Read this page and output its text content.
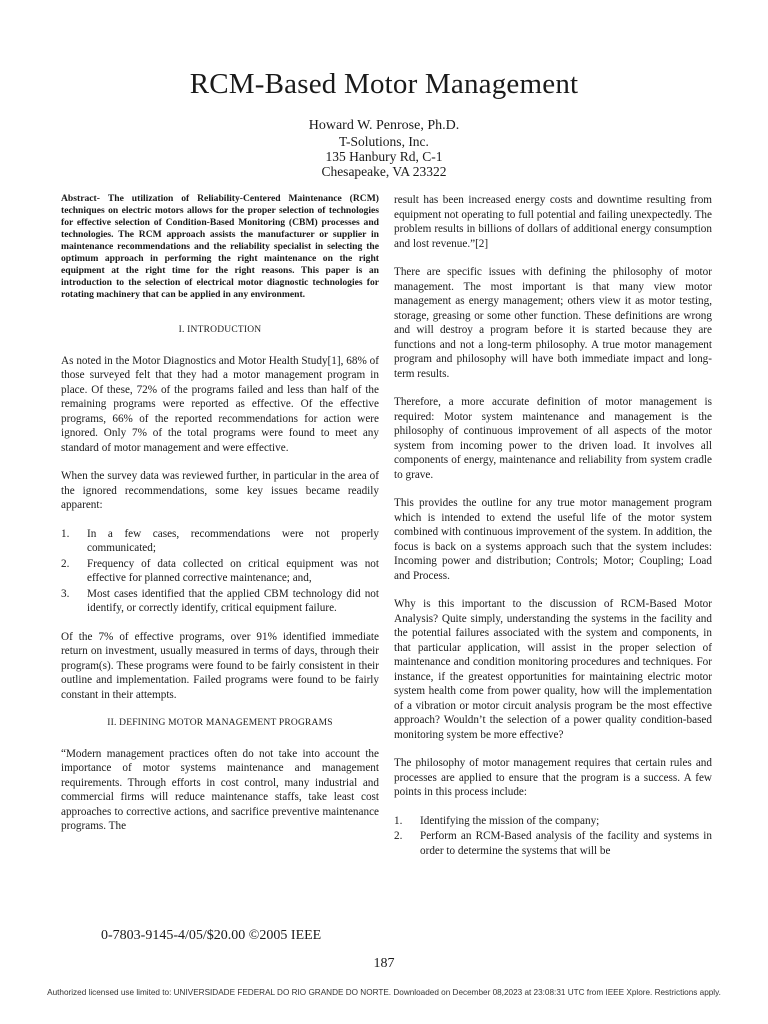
RCM-Based Motor Management
Howard W. Penrose, Ph.D.
T-Solutions, Inc.
135 Hanbury Rd, C-1
Chesapeake, VA 23322
Abstract- The utilization of Reliability-Centered Maintenance (RCM) techniques on electric motors allows for the proper selection of technologies for effective selection of Condition-Based Monitoring (CBM) processes and technologies. The RCM approach assists the manufacturer or supplier in maintenance recommendations and the reliability specialist in selecting the optimum approach in performing the right maintenance on the right equipment at the right time for the right reasons. This paper is an introduction to the selection of electrical motor diagnostic technologies for rotating machinery that can be applied in any environment.
I. INTRODUCTION

As noted in the Motor Diagnostics and Motor Health Study[1], 68% of those surveyed felt that they had a motor management program in place. Of these, 72% of the programs failed and less than half of the remaining programs were reported as effective. Of the effective programs, 66% of the reported recommendations for action were ignored. Only 7% of the total programs were found to meet any standard of motor management and were effective.

When the survey data was reviewed further, in particular in the area of the ignored recommendations, some key issues became readily apparent:

1. In a few cases, recommendations were not properly communicated;
2. Frequency of data collected on critical equipment was not effective for planned corrective maintenance; and,
3. Most cases identified that the applied CBM technology did not identify, or correctly identify, critical equipment failure.

Of the 7% of effective programs, over 91% identified immediate return on investment, usually measured in terms of days, through their program(s). These programs were found to be fairly consistent in their outline and implementation. Failed programs were found to be fairly constant in their attempts.

II. DEFINING MOTOR MANAGEMENT PROGRAMS

“Modern management practices often do not take into account the importance of motor systems maintenance and management requirements. Through efforts in cost control, many industrial and commercial firms will reduce maintenance staffs, take least cost approaches to corrective actions, and sacrifice preventive maintenance programs. The

result has been increased energy costs and downtime resulting from equipment not operating to full potential and failing unexpectedly. The problem results in billions of dollars of additional energy consumption and lost revenue.”[2]

There are specific issues with defining the philosophy of motor management. The most important is that many view motor management as energy management; others view it as motor testing, storage, greasing or some other function. These definitions are wrong and will destroy a program before it is started because they are functions and not a long-term philosophy. A true motor management program and philosophy will have both immediate impact and long-term results.

Therefore, a more accurate definition of motor management is required: Motor system maintenance and management is the philosophy of continuous improvement of all aspects of the motor system from incoming power to the driven load. It involves all components of energy, maintenance and reliability from system cradle to grave.

This provides the outline for any true motor management program which is intended to extend the useful life of the motor system combined with continuous improvement of the system. In addition, the focus is back on a systems approach such that the system includes: Incoming power and distribution; Controls; Motor; Coupling; Load and Process.

Why is this important to the discussion of RCM-Based Motor Analysis? Quite simply, understanding the systems in the facility and the potential failures associated with the system and components, in that particular application, will assist in the proper selection of maintenance and condition monitoring procedures and techniques. For instance, if the greatest opportunities for maintaining electric motor system health come from power quality, how will the implementation of a vibration or motor circuit analysis program be the most effective approach? Wouldn’t the selection of a power quality condition-based monitoring system be more effective?

The philosophy of motor management requires that certain rules and processes are applied to ensure that the program is a success. A few points in this process include:

1. Identifying the mission of the company;
2. Perform an RCM-Based analysis of the facility and systems in order to determine the systems that will be
0-7803-9145-4/05/$20.00 ©2005 IEEE
187
Authorized licensed use limited to: UNIVERSIDADE FEDERAL DO RIO GRANDE DO NORTE. Downloaded on December 08,2023 at 23:08:31 UTC from IEEE Xplore. Restrictions apply.
